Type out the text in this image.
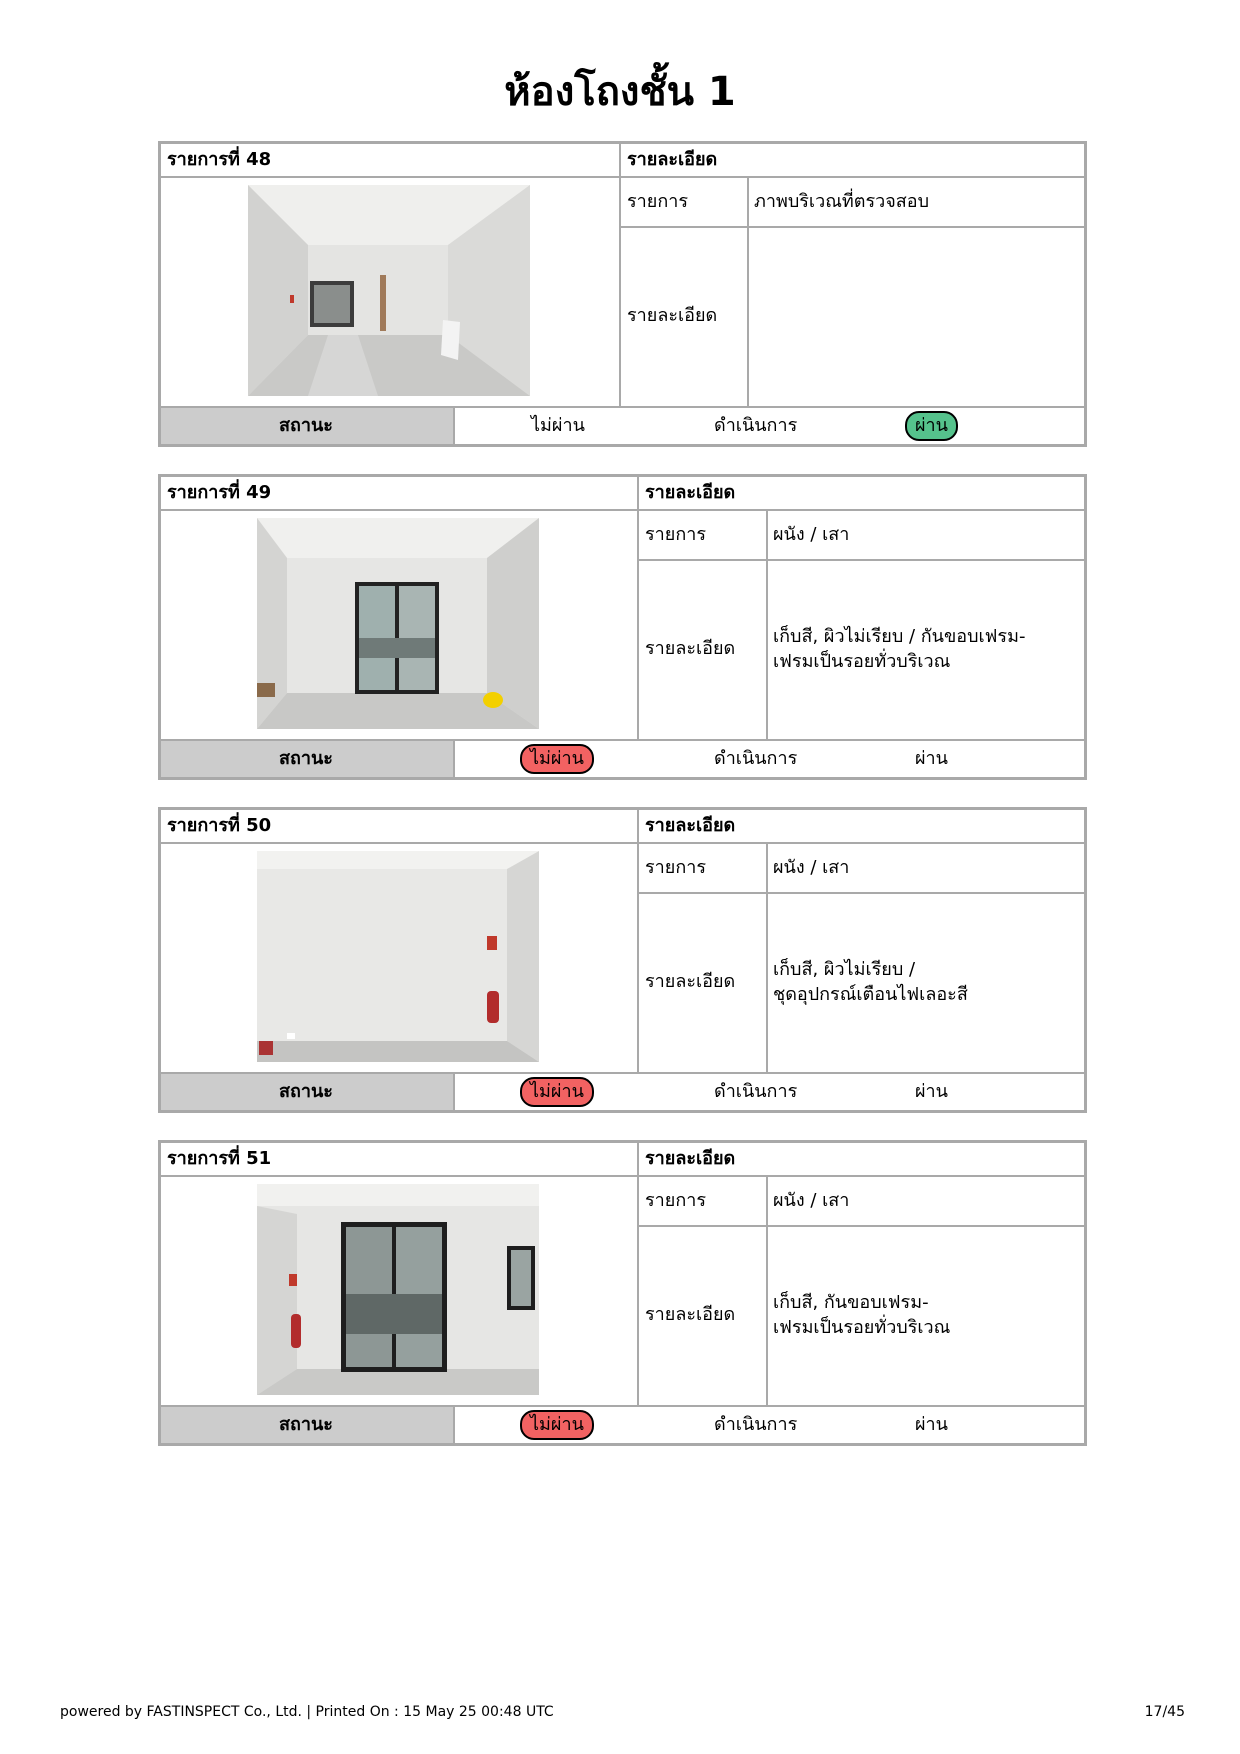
ห้องโถงชั้น 1
รายการที่ 48	รายละเอียด
รายการ	ภาพบริเวณที่ตรวจสอบ
รายละเอียด
สถานะ	ไม่ผ่าน	ดำเนินการ	ผ่าน
รายการที่ 49	รายละเอียด
รายการ	ผนัง / เสา
รายละเอียด
เก็บสี, ผิวไม่เรียบ / กันขอบเฟรม-
เฟรมเป็นรอยทั่วบริเวณ
สถานะ	ไม่ผ่าน	ดำเนินการ	ผ่าน
รายการที่ 50	รายละเอียด
รายการ	ผนัง / เสา
รายละเอียด
เก็บสี, ผิวไม่เรียบ /
ชุดอุปกรณ์เตือนไฟเลอะสี
สถานะ	ไม่ผ่าน	ดำเนินการ	ผ่าน
รายการที่ 51	รายละเอียด
รายการ	ผนัง / เสา
รายละเอียด
เก็บสี, กันขอบเฟรม-
เฟรมเป็นรอยทั่วบริเวณ
สถานะ	ไม่ผ่าน	ดำเนินการ	ผ่าน
powered by FASTINSPECT Co., Ltd. | Printed On : 15 May 25 00:48 UTC	17/45
